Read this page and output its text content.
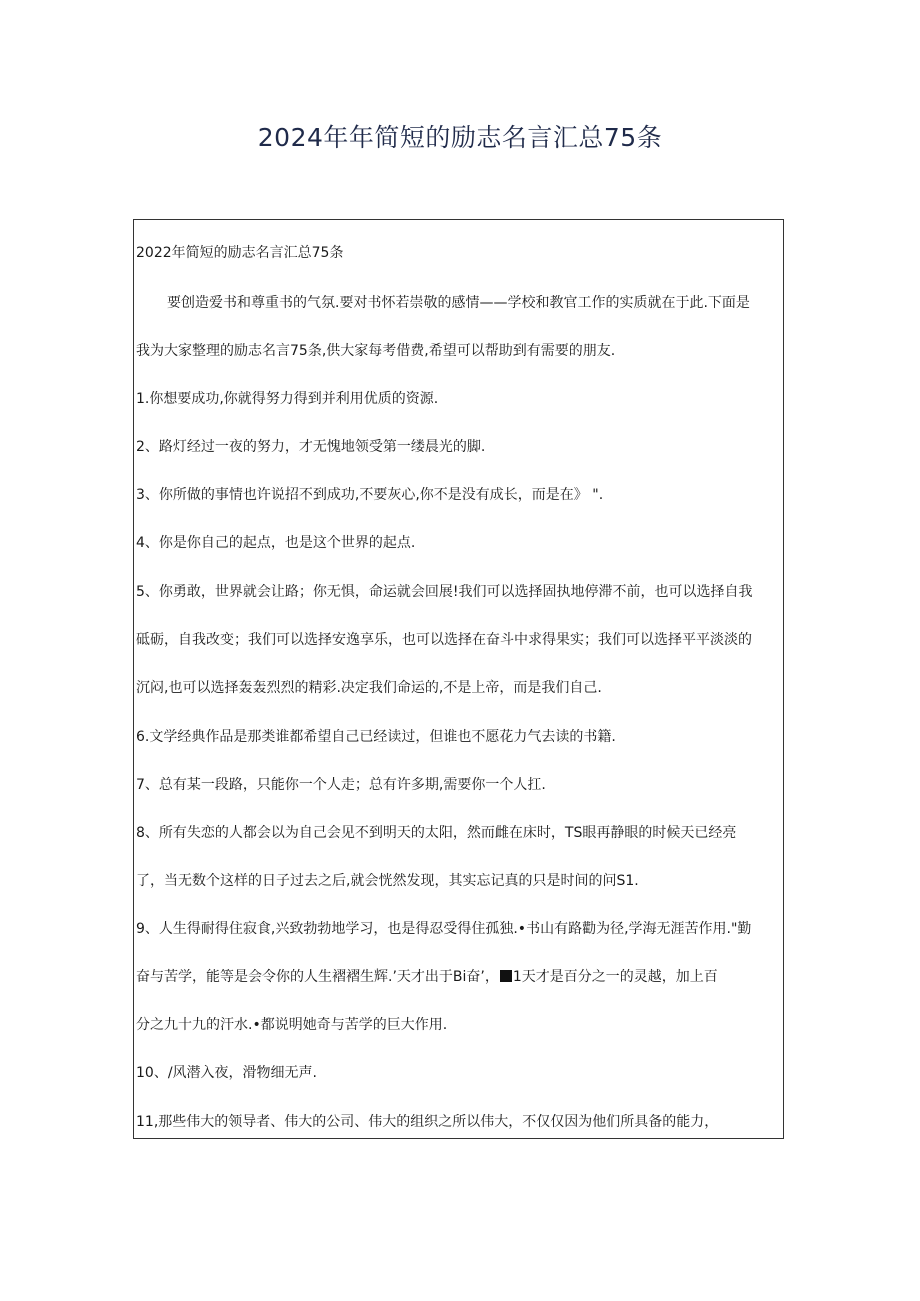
2024年年简短的励志名言汇总75条
2022年简短的励志名言汇总75条
要创造爱书和尊重书的气氛.要对书怀若崇敬的感情——学校和教官工作的实质就在于此.下面是
我为大家整理的励志名言75条,供大家每考借费,希望可以帮助到有需要的朋友.
1.你想要成功,你就得努力得到并利用优质的资源.
2、路灯经过一夜的努力，才无愧地领受第一缕晨光的脚.
3、你所做的事情也许说招不到成功,不要灰心,你不是没有成长，而是在》 ".
4、你是你自己的起点，也是这个世界的起点.
5、你勇敢，世界就会让路；你无惧，命运就会回展!我们可以选择固执地停滞不前，也可以选择自我
砥砺，自我改变；我们可以选择安逸享乐，也可以选择在奋斗中求得果实；我们可以选择平平淡淡的
沉闷,也可以选择轰轰烈烈的精彩.决定我们命运的,不是上帝，而是我们自己.
6.文学经典作品是那类谁都希望自己已经读过，但谁也不愿花力气去读的书籍.
7、总有某一段路，只能你一个人走；总有许多期,需要你一个人扛.
8、所有失恋的人都会以为自己会见不到明天的太阳，然而雌在床时，TS眼再静眼的时候天已经亮
了，当无数个这样的日子过去之后,就会恍然发现，其实忘记真的只是时间的问S1.
9、人生得耐得住寂食,兴致勃勃地学习，也是得忍受得住孤独.•书山有路勸为径,学海无涯苦作用."勤
奋与苦学，能等是会令你的人生褶褶生辉.’天才出于Bi奋’， 1天才是百分之一的灵越，加上百
分之九十九的汗水.•都说明她奇与苦学的巨大作用.
10、/风潜入夜，滑物细无声.
11,那些伟大的领导者、伟大的公司、伟大的组织之所以伟大，不仅仅因为他们所具备的能力，
